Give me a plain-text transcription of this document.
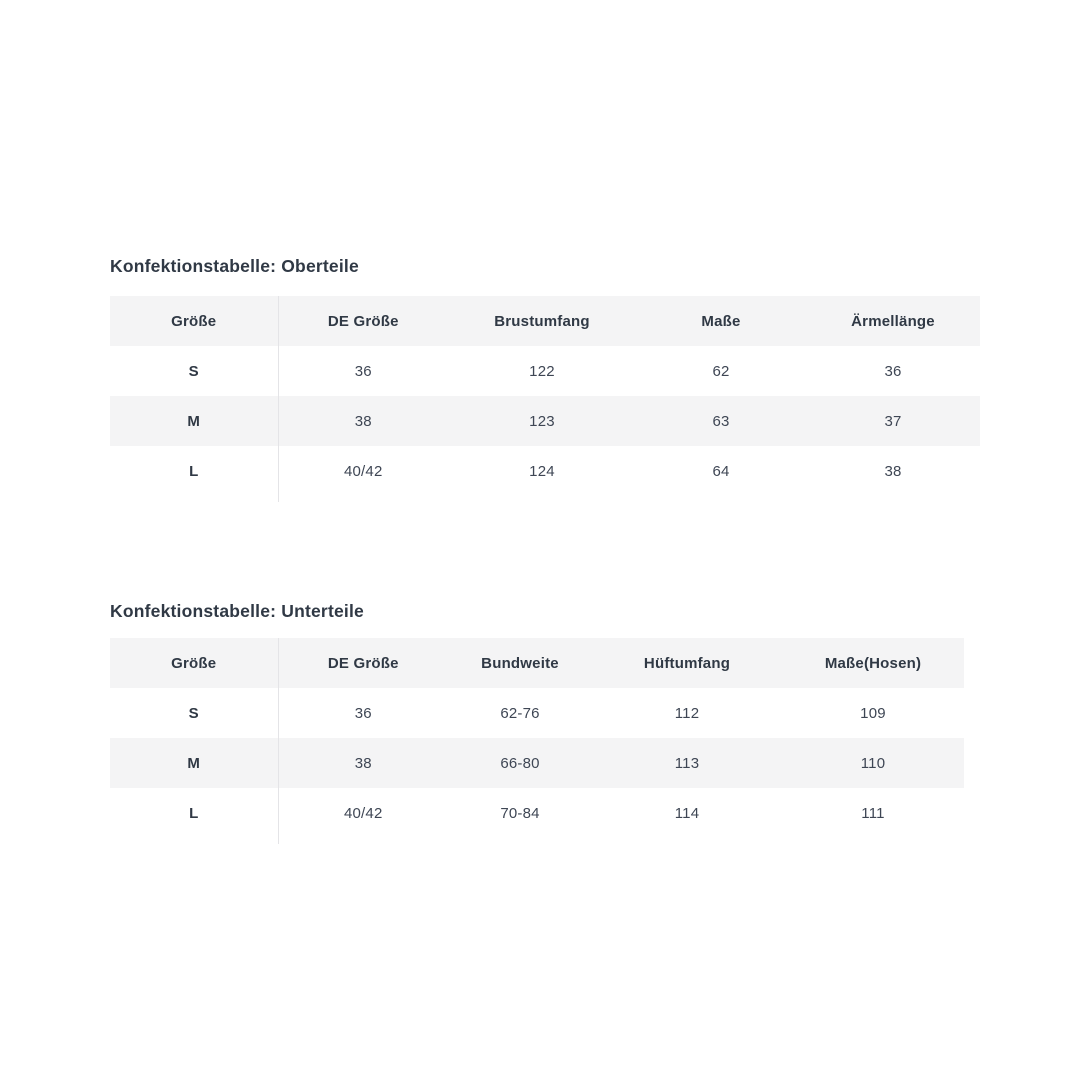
Konfektionstabelle: Oberteile
Größe	DE Größe	Brustumfang	Maße	Ärmellänge
S	36	122	62	36
M	38	123	63	37
L	40/42	124	64	38
Konfektionstabelle: Unterteile
Größe	DE Größe	Bundweite	Hüftumfang	Maße(Hosen)
S	36	62-76	112	109
M	38	66-80	113	110
L	40/42	70-84	114	111
